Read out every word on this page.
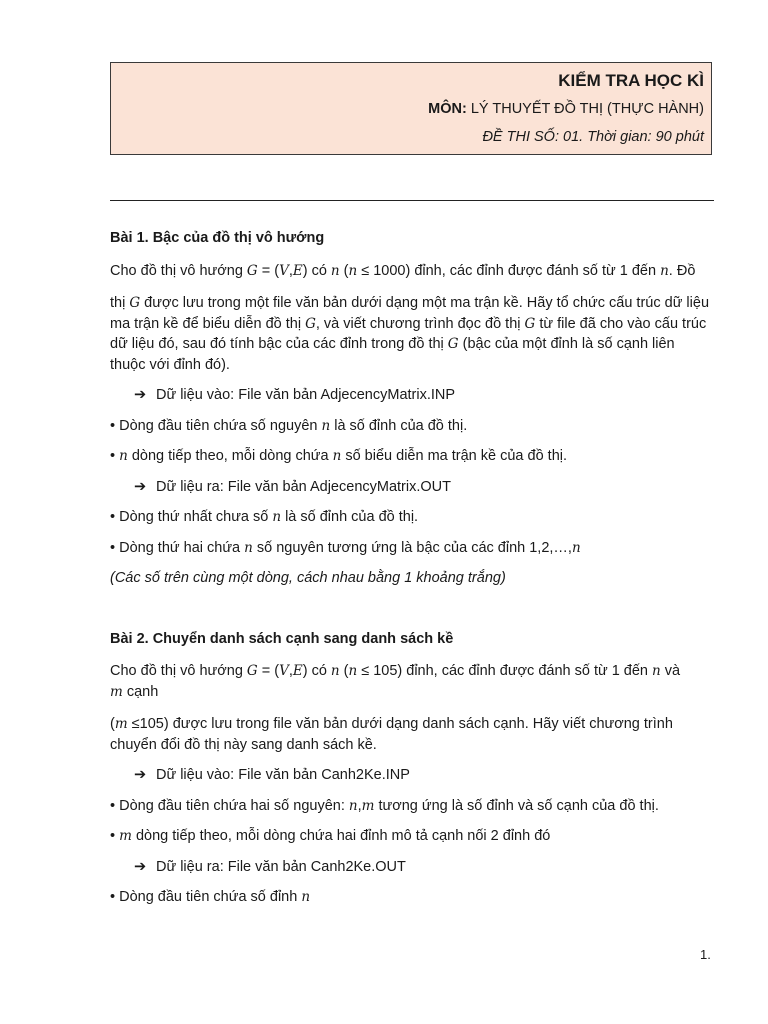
KIỂM TRA HỌC KÌ
MÔN: LÝ THUYẾT ĐỒ THỊ (THỰC HÀNH)
ĐỀ THI SỐ: 01. Thời gian: 90 phút

Bài 1. Bậc của đồ thị vô hướng

Cho đồ thị vô hướng G = (V,E) có n (n ≤ 1000) đỉnh, các đỉnh được đánh số từ 1 đến n. Đồ

thị G được lưu trong một file văn bản dưới dạng một ma trận kề. Hãy tổ chức cấu trúc dữ liệu ma trận kề để biểu diễn đồ thị G, và viết chương trình đọc đồ thị G từ file đã cho vào cấu trúc dữ liệu đó, sau đó tính bậc của các đỉnh trong đồ thị G (bậc của một đỉnh là số cạnh liên thuộc với đỉnh đó).

➔ Dữ liệu vào: File văn bản AdjecencyMatrix.INP

• Dòng đầu tiên chứa số nguyên n là số đỉnh của đồ thị.

• n dòng tiếp theo, mỗi dòng chứa n số biểu diễn ma trận kề của đồ thị.

➔ Dữ liệu ra: File văn bản AdjecencyMatrix.OUT

• Dòng thứ nhất chưa số n là số đỉnh của đồ thị.

• Dòng thứ hai chứa n số nguyên tương ứng là bậc của các đỉnh 1,2,…,n

(Các số trên cùng một dòng, cách nhau bằng 1 khoảng trắng)

Bài 2. Chuyển danh sách cạnh sang danh sách kề

Cho đồ thị vô hướng G = (V,E) có n (n ≤ 105) đỉnh, các đỉnh được đánh số từ 1 đến n và
m cạnh

(m ≤105) được lưu trong file văn bản dưới dạng danh sách cạnh. Hãy viết chương trình chuyển đổi đồ thị này sang danh sách kề.

➔ Dữ liệu vào: File văn bản Canh2Ke.INP

• Dòng đầu tiên chứa hai số nguyên: n,m tương ứng là số đỉnh và số cạnh của đồ thị.

• m dòng tiếp theo, mỗi dòng chứa hai đỉnh mô tả cạnh nối 2 đỉnh đó

➔ Dữ liệu ra: File văn bản Canh2Ke.OUT

• Dòng đầu tiên chứa số đỉnh n

1.
